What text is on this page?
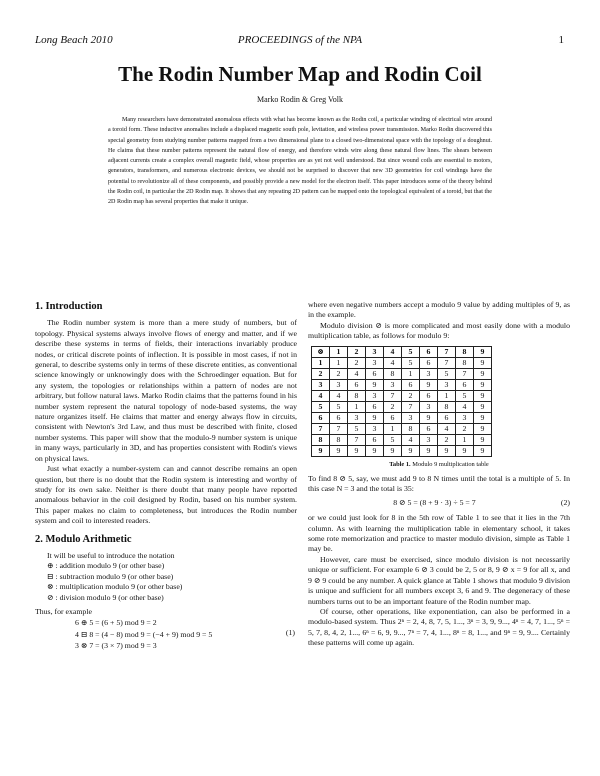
Long Beach 2010	PROCEEDINGS of the NPA	1
The Rodin Number Map and Rodin Coil
Marko Rodin & Greg Volk

Many researchers have demonstrated anomalous effects with what has become known as the Rodin coil, a particular winding of electrical wire around a toroid form. These inductive anomalies include a displaced magnetic south pole, levitation, and wireless power transmission. Marko Rodin discovered this special geometry from studying number patterns mapped from a two dimensional plane to a closed two-dimensional space with the topology of a doughnut. He claims that these number patterns represent the natural flow of energy, and therefore winds wire along these natural flow lines. The shears between adjacent currents create a complex overall magnetic field, whose properties are as yet not well understood. But since wound coils are essential to motors, generators, transformers, and numerous electronic devices, we should not be surprised to discover that new 3D geometries for coil windings have the potential to revolutionize all of these components, and possibly provide a new model for the electron itself. This paper introduces some of the theory behind the Rodin coil, in particular the 2D Rodin map. It shows that any repeating 2D pattern can be mapped onto the topological equivalent of a toroid, but that the 2D Rodin map has several properties that make it unique.

1. Introduction

The Rodin number system is more than a mere study of numbers, but of topology. Physical systems always involve flows of energy and matter, and if we describe these systems in terms of fields, their interactions invariably produce nodes, or critical discrete points of inflection. It is possible in most cases, if not in general, to describe systems only in terms of these discrete entities, as conventional science knowingly or unknowingly does with the Schroedinger equation. But for any system, the topologies or relationships within a pattern of nodes are not arbitrary, but follow natural laws. Marko Rodin claims that the patterns found in his number system represent the natural topology of node-based systems, the way nature organizes itself. He claims that matter and energy always flow in circuits, consistent with Newton's 3rd Law, and thus must be described with finite, closed number systems. This paper will show that the modulo-9 number system is unique in many ways, particularly in 3D, and has properties consistent with Rodin's views on physical laws.

Just what exactly a number-system can and cannot describe remains an open question, but there is no doubt that the Rodin system is interesting and worthy of study for its own sake. Neither is there doubt that many people have reported anomalous behavior in the coil designed by Rodin, based on his number system. This paper makes no claim to completeness, but introduces the Rodin number system and coil to interested readers.

2. Modulo Arithmetic

It will be useful to introduce the notation

⊕ : addition modulo 9 (or other base)
⊟ : subtraction modulo 9 (or other base)
⊗ : multiplication modulo 9 (or other base)
⊘ : division modulo 9 (or other base)

Thus, for example

6 ⊕ 5 = (6 + 5) mod 9 = 2
4 ⊟ 8 = (4 − 8) mod 9 = (−4 + 9) mod 9 = 5
3 ⊗ 7 = (3 × 7) mod 9 = 3
(1)

where even negative numbers accept a modulo 9 value by adding multiples of 9, as in the example.

Modulo division ⊘ is more complicated and most easily done with a modulo multiplication table, as follows for modulo 9:

⊗	1	2	3	4	5	6	7	8	9
1	1	2	3	4	5	6	7	8	9
2	2	4	6	8	1	3	5	7	9
3	3	6	9	3	6	9	3	6	9
4	4	8	3	7	2	6	1	5	9
5	5	1	6	2	7	3	8	4	9
6	6	3	9	6	3	9	6	3	9
7	7	5	3	1	8	6	4	2	9
8	8	7	6	5	4	3	2	1	9
9	9	9	9	9	9	9	9	9	9
Table 1. Modulo 9 multiplication table

To find 8 ⊘ 5, say, we must add 9 to 8 N times until the total is a multiple of 5. In this case N = 3 and the total is 35:

8 ⊘ 5 = (8 + 9 · 3) ÷ 5 = 7	(2)

or we could just look for 8 in the 5th row of Table 1 to see that it lies in the 7th column. As with learning the multiplication table in elementary school, it takes some rote memorization and practice to master modulo division, simple as Table 1 may be.

However, care must be exercised, since modulo division is not necessarily unique or sufficient. For example 6 ⊘ 3 could be 2, 5 or 8, 9 ⊘ x = 9 for all x, and 9 ⊘ 9 could be any number. A quick glance at Table 1 shows that modulo 9 division is unique and sufficient for all numbers except 3, 6 and 9. The degeneracy of these numbers turns out to be an important feature of the Rodin number map.

Of course, other operations, like exponentiation, can also be performed in a modulo-based system. Thus 2ⁿ = 2, 4, 8, 7, 5, 1..., 3ⁿ = 3, 9, 9..., 4ⁿ = 4, 7, 1..., 5ⁿ = 5, 7, 8, 4, 2, 1..., 6ⁿ = 6, 9, 9..., 7ⁿ = 7, 4, 1..., 8ⁿ = 8, 1..., and 9ⁿ = 9, 9.... Certainly these patterns will come up again.
